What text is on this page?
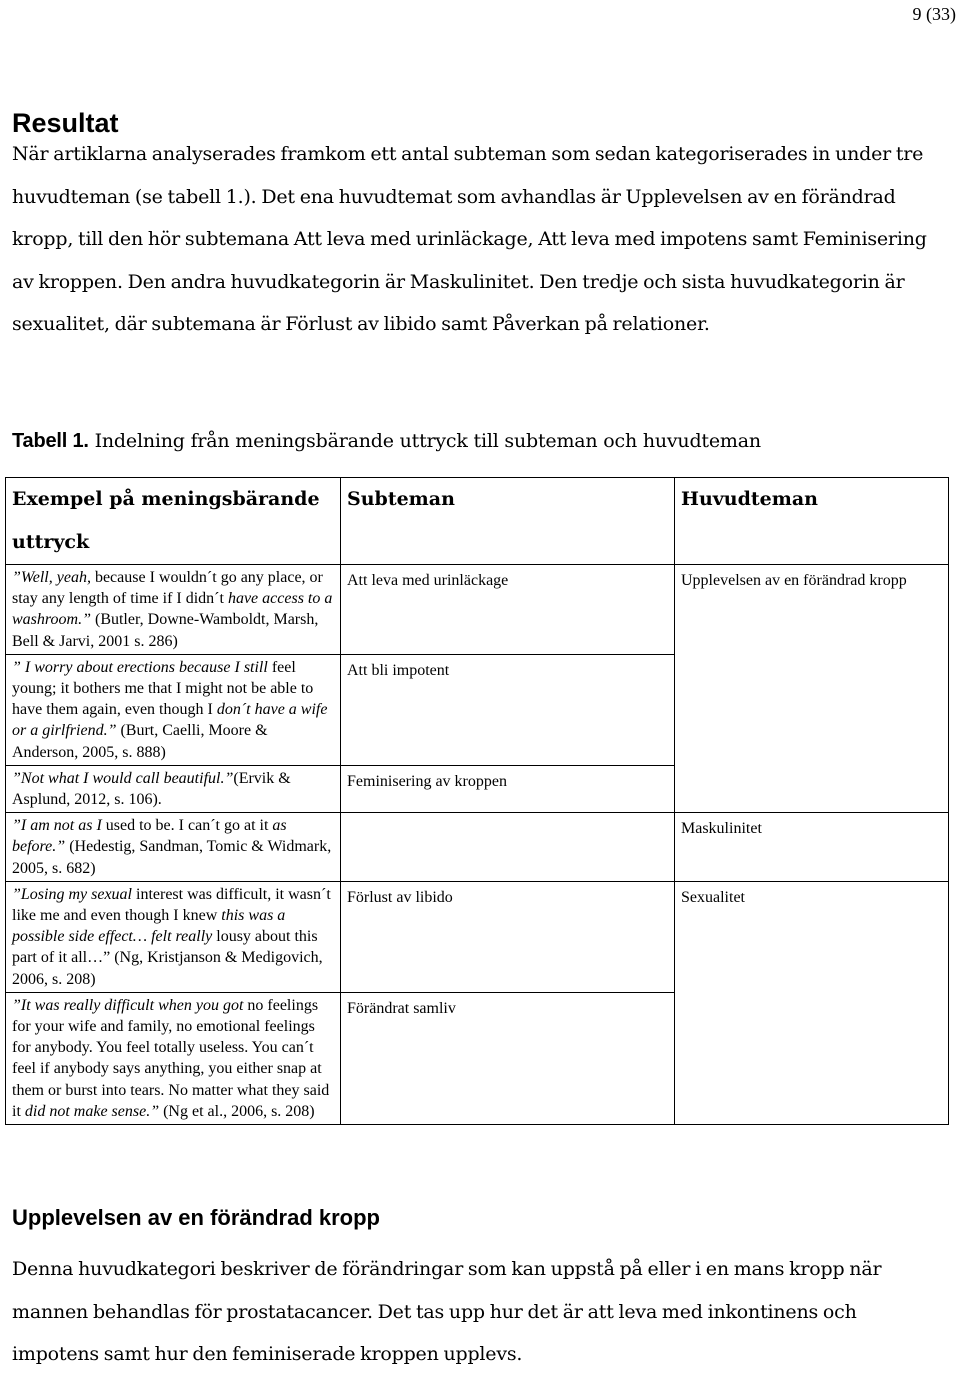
9 (33)
Resultat

När artiklarna analyserades framkom ett antal subteman som sedan kategoriserades in under tre huvudteman (se tabell 1.). Det ena huvudtemat som avhandlas är Upplevelsen av en förändrad kropp, till den hör subtemana Att leva med urinläckage, Att leva med impotens samt Feminisering av kroppen. Den andra huvudkategorin är Maskulinitet. Den tredje och sista huvudkategorin är sexualitet, där subtemana är Förlust av libido samt Påverkan på relationer.

Tabell 1. Indelning från meningsbärande uttryck till subteman och huvudteman

Exempel på meningsbärande uttryck	Subteman	Huvudteman
”Well, yeah, because I wouldn´t go any place, or stay any length of time if I didn´t have access to a washroom.” (Butler, Downe-Wamboldt, Marsh, Bell & Jarvi, 2001 s. 286)	Att leva med urinläckage	Upplevelsen av en förändrad kropp
” I worry about erections because I still feel young; it bothers me that I might not be able to have them again, even though I don´t have a wife or a girlfriend.” (Burt, Caelli, Moore & Anderson, 2005, s. 888)	Att bli impotent	
”Not what I would call beautiful.”(Ervik & Asplund, 2012, s. 106).	Feminisering av kroppen	
”I am not as I used to be. I can´t go at it as before.” (Hedestig, Sandman, Tomic & Widmark, 2005, s. 682)		Maskulinitet
”Losing my sexual interest was difficult, it wasn´t like me and even though I knew this was a possible side effect… felt really lousy about this part of it all…” (Ng, Kristjanson & Medigovich, 2006, s. 208)	Förlust av libido	Sexualitet
”It was really difficult when you got no feelings for your wife and family, no emotional feelings for anybody. You feel totally useless. You can´t feel if anybody says anything, you either snap at them or burst into tears. No matter what they said it did not make sense.” (Ng et al., 2006, s. 208)	Förändrat samliv	
Upplevelsen av en förändrad kropp

Denna huvudkategori beskriver de förändringar som kan uppstå på eller i en mans kropp när mannen behandlas för prostatacancer. Det tas upp hur det är att leva med inkontinens och impotens samt hur den feminiserade kroppen upplevs.
